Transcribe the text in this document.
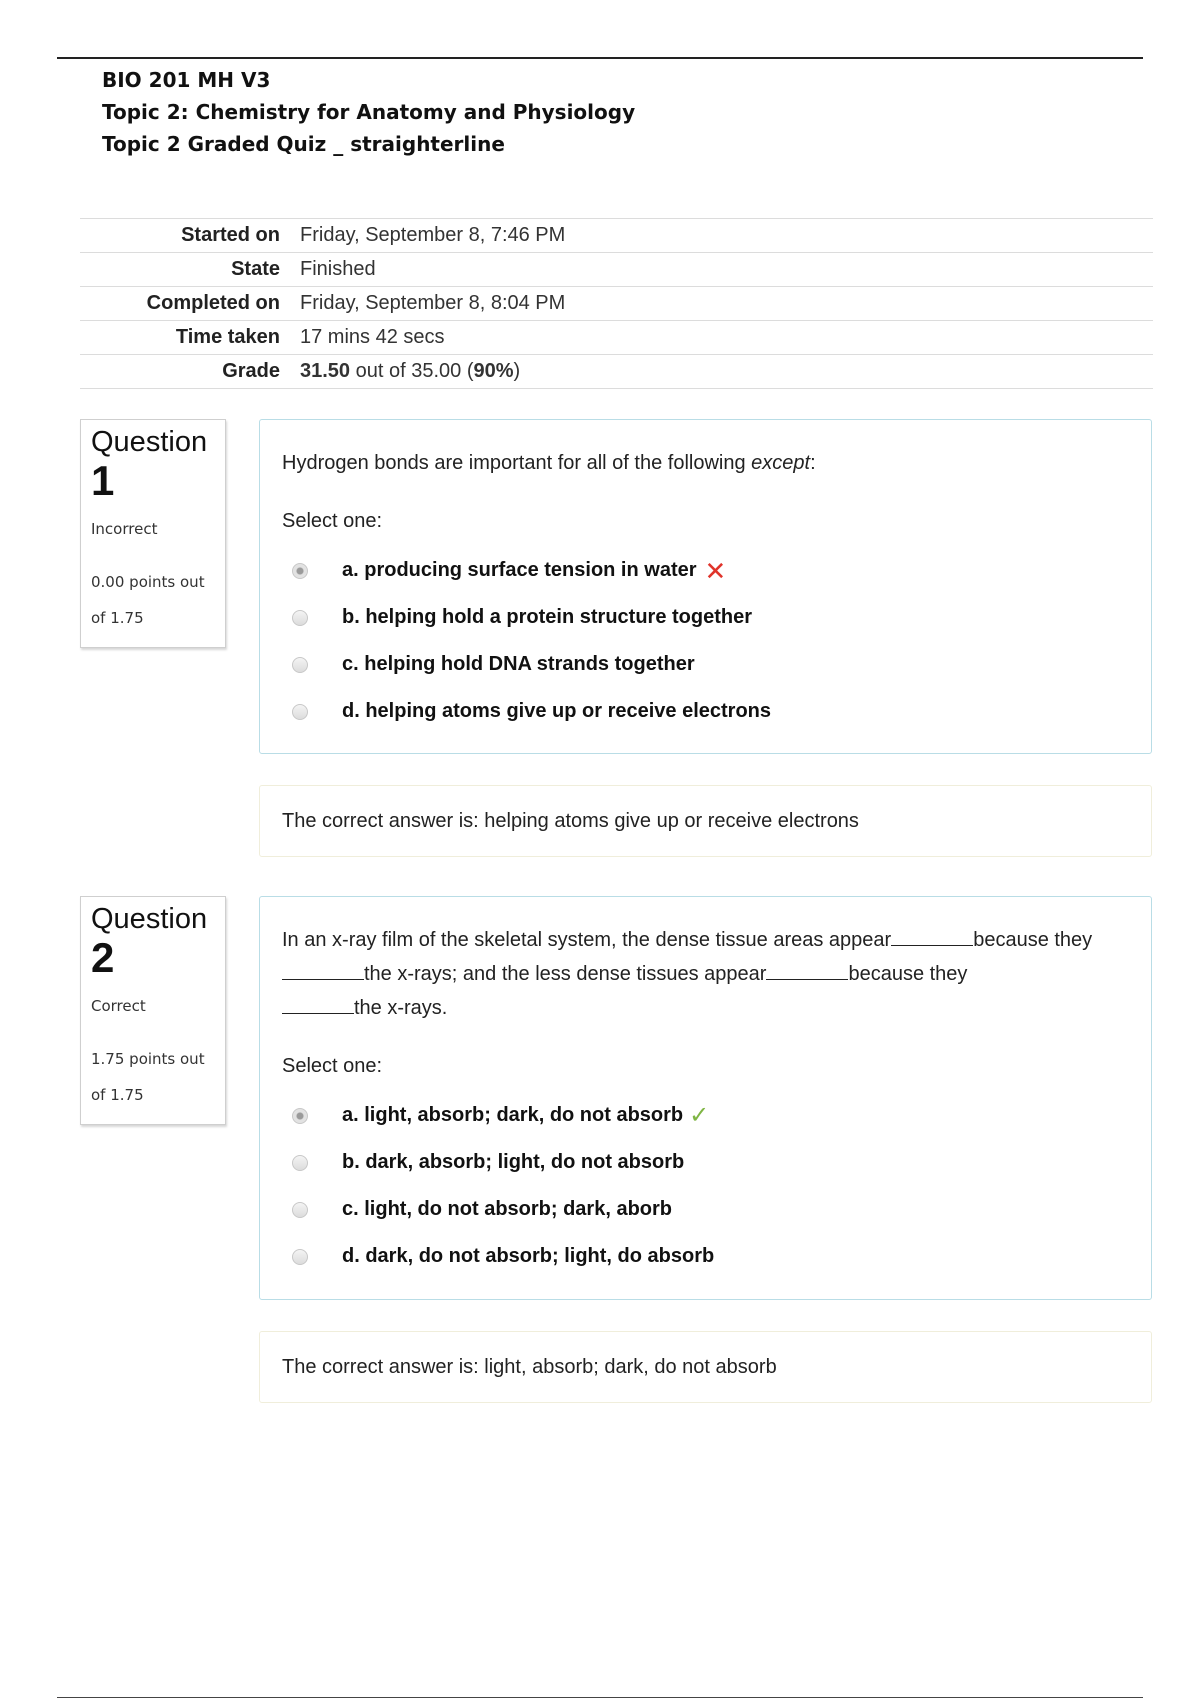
BIO 201 MH V3
Topic 2: Chemistry for Anatomy and Physiology
Topic 2 Graded Quiz _ straighterline
Started on	Friday, September 8, 7:46 PM
State	Finished
Completed on	Friday, September 8, 8:04 PM
Time taken	17 mins 42 secs
Grade	31.50 out of 35.00 (90%)
Question
1
Incorrect
0.00 points out of 1.75
Hydrogen bonds are important for all of the following except:
Select one:
a. producing surface tension in water ✕
b. helping hold a protein structure together
c. helping hold DNA strands together
d. helping atoms give up or receive electrons
The correct answer is: helping atoms give up or receive electrons
Question
2
Correct
1.75 points out of 1.75
In an x-ray film of the skeletal system, the dense tissue areas appear	because theythe x-rays; and the less dense tissues appear	because they
the x-rays.
Select one:
a. light, absorb; dark, do not absorb ✓
b. dark, absorb; light, do not absorb
c. light, do not absorb; dark, aborb
d. dark, do not absorb; light, do absorb
The correct answer is: light, absorb; dark, do not absorb
